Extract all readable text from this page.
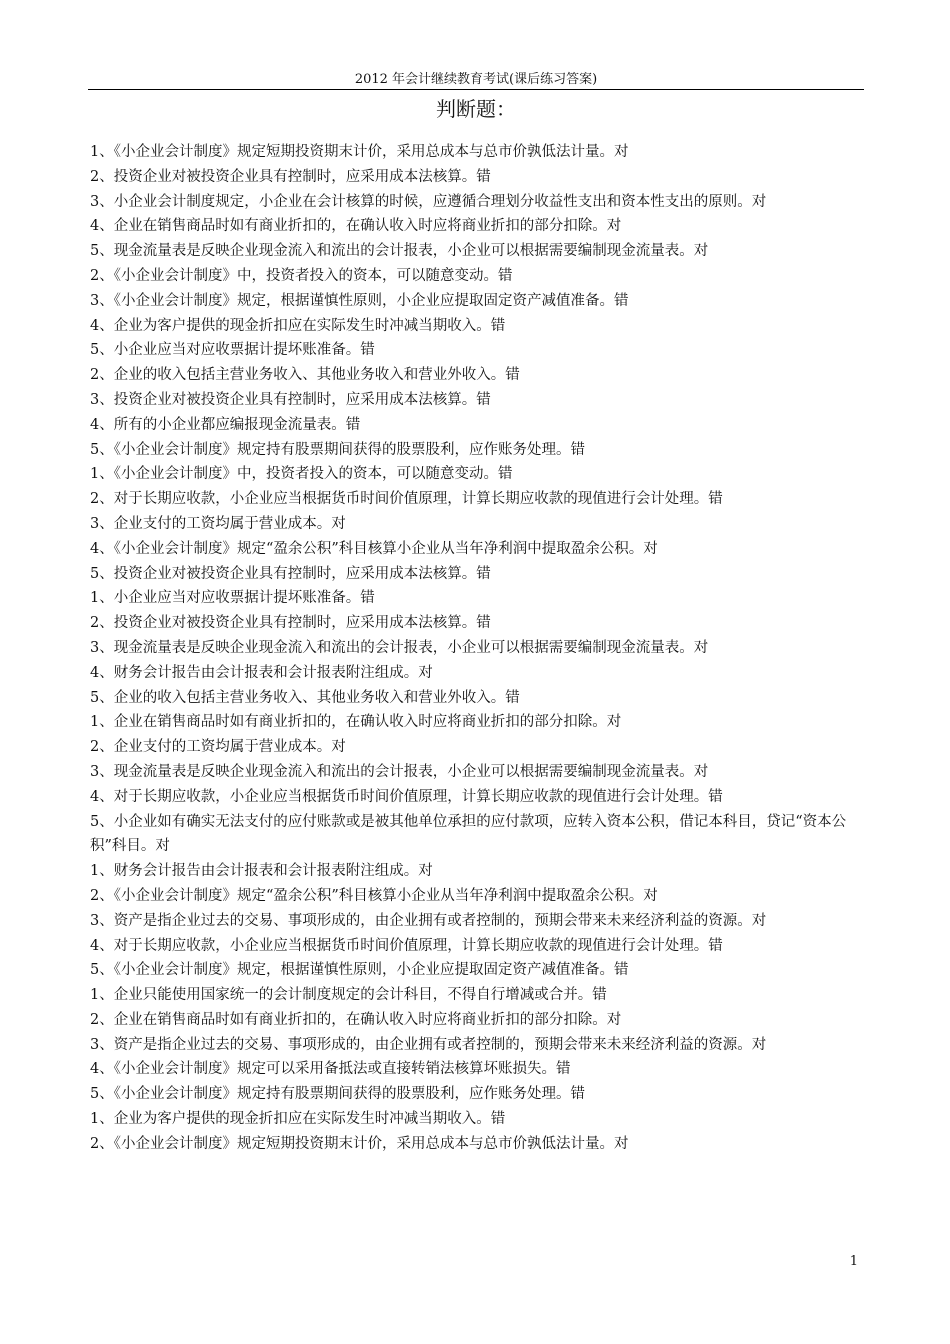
2012 年会计继续教育考试(课后练习答案)
判断题：
1、《小企业会计制度》规定短期投资期末计价，采用总成本与总市价孰低法计量。对
2、投资企业对被投资企业具有控制时，应采用成本法核算。错
3、小企业会计制度规定，小企业在会计核算的时候，应遵循合理划分收益性支出和资本性支出的原则。对
4、企业在销售商品时如有商业折扣的，在确认收入时应将商业折扣的部分扣除。对
5、现金流量表是反映企业现金流入和流出的会计报表，小企业可以根据需要编制现金流量表。对
2、《小企业会计制度》中，投资者投入的资本，可以随意变动。错
3、《小企业会计制度》规定，根据谨慎性原则，小企业应提取固定资产减值准备。错
4、企业为客户提供的现金折扣应在实际发生时冲减当期收入。错
5、小企业应当对应收票据计提坏账准备。错
2、企业的收入包括主营业务收入、其他业务收入和营业外收入。错
3、投资企业对被投资企业具有控制时，应采用成本法核算。错
4、所有的小企业都应编报现金流量表。错
5、《小企业会计制度》规定持有股票期间获得的股票股利，应作账务处理。错
1、《小企业会计制度》中，投资者投入的资本，可以随意变动。错
2、对于长期应收款，小企业应当根据货币时间价值原理，计算长期应收款的现值进行会计处理。错
3、企业支付的工资均属于营业成本。对
4、《小企业会计制度》规定“盈余公积”科目核算小企业从当年净利润中提取盈余公积。对
5、投资企业对被投资企业具有控制时，应采用成本法核算。错
1、小企业应当对应收票据计提坏账准备。错
2、投资企业对被投资企业具有控制时，应采用成本法核算。错
3、现金流量表是反映企业现金流入和流出的会计报表，小企业可以根据需要编制现金流量表。对
4、财务会计报告由会计报表和会计报表附注组成。对
5、企业的收入包括主营业务收入、其他业务收入和营业外收入。错
1、企业在销售商品时如有商业折扣的，在确认收入时应将商业折扣的部分扣除。对
2、企业支付的工资均属于营业成本。对
3、现金流量表是反映企业现金流入和流出的会计报表，小企业可以根据需要编制现金流量表。对
4、对于长期应收款，小企业应当根据货币时间价值原理，计算长期应收款的现值进行会计处理。错
5、小企业如有确实无法支付的应付账款或是被其他单位承担的应付款项，应转入资本公积，借记本科目，贷记“资本公积”科目。对
1、财务会计报告由会计报表和会计报表附注组成。对
2、《小企业会计制度》规定“盈余公积”科目核算小企业从当年净利润中提取盈余公积。对
3、资产是指企业过去的交易、事项形成的，由企业拥有或者控制的，预期会带来未来经济利益的资源。对
4、对于长期应收款，小企业应当根据货币时间价值原理，计算长期应收款的现值进行会计处理。错
5、《小企业会计制度》规定，根据谨慎性原则，小企业应提取固定资产减值准备。错
1、企业只能使用国家统一的会计制度规定的会计科目，不得自行增减或合并。错
2、企业在销售商品时如有商业折扣的，在确认收入时应将商业折扣的部分扣除。对
3、资产是指企业过去的交易、事项形成的，由企业拥有或者控制的，预期会带来未来经济利益的资源。对
4、《小企业会计制度》规定可以采用备抵法或直接转销法核算坏账损失。错
5、《小企业会计制度》规定持有股票期间获得的股票股利，应作账务处理。错
1、企业为客户提供的现金折扣应在实际发生时冲减当期收入。错
2、《小企业会计制度》规定短期投资期末计价，采用总成本与总市价孰低法计量。对
1
